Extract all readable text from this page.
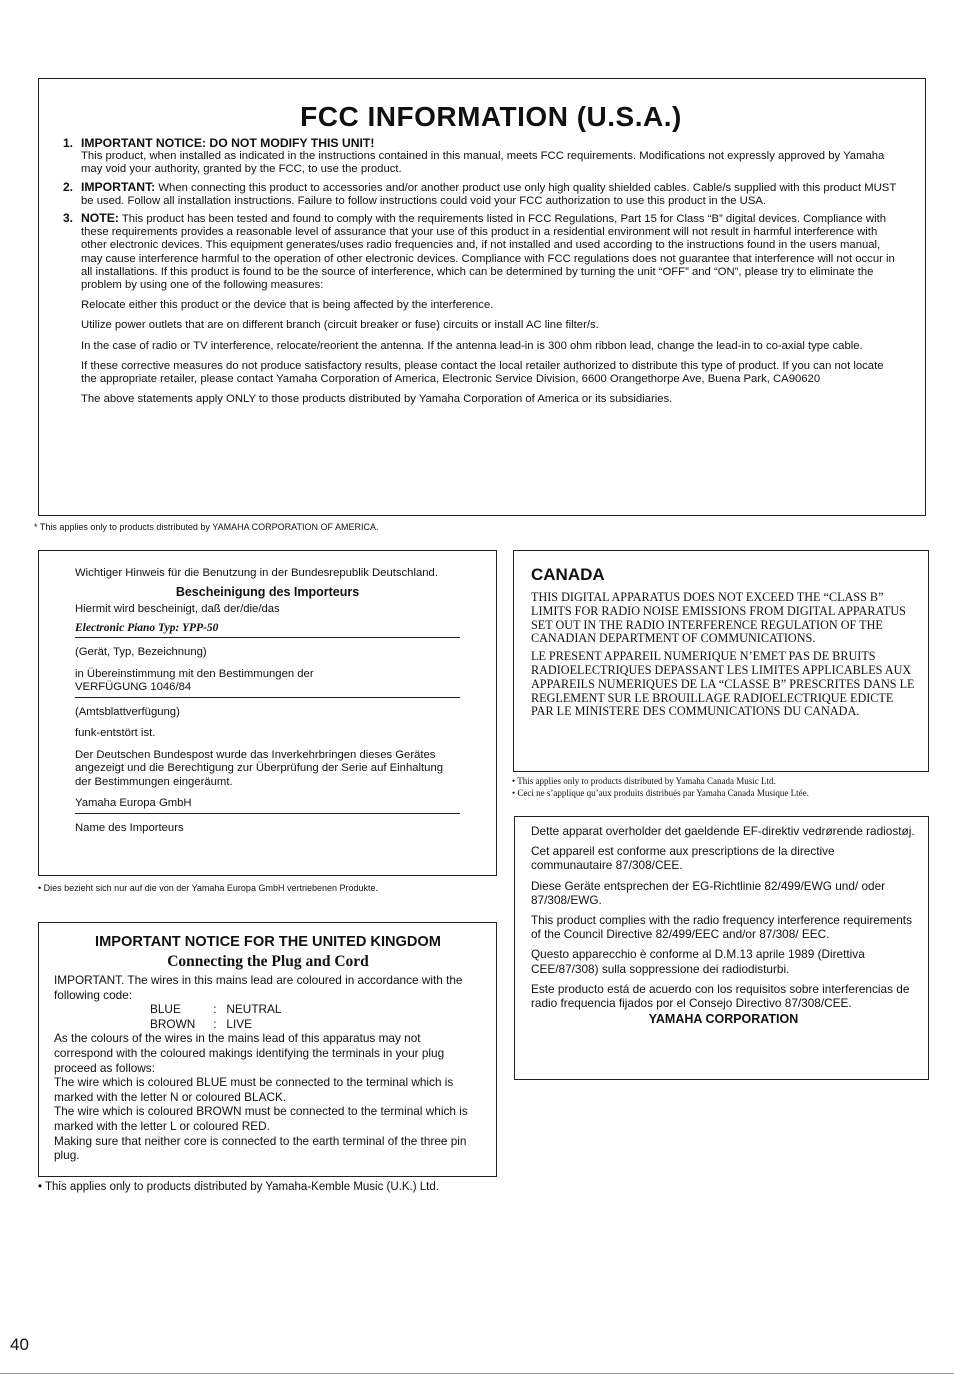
FCC INFORMATION (U.S.A.)
1. IMPORTANT NOTICE: DO NOT MODIFY THIS UNIT!

This product, when installed as indicated in the instructions contained in this manual, meets FCC requirements. Modifications not expressly approved by Yamaha may void your authority, granted by the FCC, to use the product.

2. IMPORTANT: When connecting this product to accessories and/or another product use only high quality shielded cables. Cable/s supplied with this product MUST be used. Follow all installation instructions. Failure to follow instructions could void your FCC authorization to use this product in the USA.

3. NOTE: This product has been tested and found to comply with the requirements listed in FCC Regulations, Part 15 for Class “B” digital devices. Compliance with these requirements provides a reasonable level of assurance that your use of this product in a residential environment will not result in harmful interference with other electronic devices. This equipment generates/uses radio frequencies and, if not installed and used according to the instructions found in the users manual, may cause interference harmful to the operation of other electronic devices. Compliance with FCC regulations does not guarantee that interference will not occur in all installations. If this product is found to be the source of interference, which can be determined by turning the unit “OFF” and “ON”, please try to eliminate the problem by using one of the following measures:

Relocate either this product or the device that is being affected by the interference.

Utilize power outlets that are on different branch (circuit breaker or fuse) circuits or install AC line filter/s.

In the case of radio or TV interference, relocate/reorient the antenna. If the antenna lead-in is 300 ohm ribbon lead, change the lead-in to co-axial type cable.

If these corrective measures do not produce satisfactory results, please contact the local retailer authorized to distribute this type of product. If you can not locate the appropriate retailer, please contact Yamaha Corporation of America, Electronic Service Division, 6600 Orangethorpe Ave, Buena Park, CA90620

The above statements apply ONLY to those products distributed by Yamaha Corporation of America or its subsidiaries.

* This applies only to products distributed by YAMAHA CORPORATION OF AMERICA.

Wichtiger Hinweis für die Benutzung in der Bundesrepublik Deutschland.

Bescheinigung des Importeurs

Hiermit wird bescheinigt, daß der/die/das

Electronic Piano Typ: YPP-50

(Gerät, Typ, Bezeichnung)

in Übereinstimmung mit den Bestimmungen der

VERFÜGUNG 1046/84

(Amtsblattverfügung)

funk-entstört ist.

Der Deutschen Bundespost wurde das Inverkehrbringen dieses Gerätes angezeigt und die Berechtigung zur Überprüfung der Serie auf Einhaltung der Bestimmungen eingeräumt.

Yamaha Europa GmbH

Name des Importeurs

• Dies bezieht sich nur auf die von der Yamaha Europa GmbH vertriebenen Produkte.
IMPORTANT NOTICE FOR THE UNITED KINGDOM
Connecting the Plug and Cord

IMPORTANT. The wires in this mains lead are coloured in accordance with the following code:

BLUE	: NEUTRAL
BROWN : LIVE

As the colours of the wires in the mains lead of this apparatus may not correspond with the coloured makings identifying the terminals in your plug proceed as follows:

The wire which is coloured BLUE must be connected to the terminal which is marked with the letter N or coloured BLACK.

The wire which is coloured BROWN must be connected to the terminal which is marked with the letter L or coloured RED.

Making sure that neither core is connected to the earth terminal of the three pin plug.

• This applies only to products distributed by Yamaha-Kemble Music (U.K.) Ltd.
CANADA

THIS DIGITAL APPARATUS DOES NOT EXCEED THE “CLASS B” LIMITS FOR RADIO NOISE EMISSIONS FROM DIGITAL APPARATUS SET OUT IN THE RADIO INTERFERENCE REGULATION OF THE CANADIAN DEPARTMENT OF COMMUNICATIONS.

LE PRESENT APPAREIL NUMERIQUE N’EMET PAS DE BRUITS RADIOELECTRIQUES DEPASSANT LES LIMITES APPLICABLES AUX APPAREILS NUMERIQUES DE LA “CLASSE B” PRESCRITES DANS LE REGLEMENT SUR LE BROUILLAGE RADIOELECTRIQUE EDICTE PAR LE MINISTERE DES COMMUNICATIONS DU CANADA.

• This applies only to products distributed by Yamaha Canada Music Ltd.
• Ceci ne s’applique qu’aux produits distribués par Yamaha Canada Musique Ltée.

Dette apparat overholder det gaeldende EF-direktiv vedrørende radiostøj.

Cet appareil est conforme aux prescriptions de la directive communautaire 87/308/CEE.

Diese Geräte entsprechen der EG-Richtlinie 82/499/EWG und/ oder 87/308/EWG.

This product complies with the radio frequency interference requirements of the Council Directive 82/499/EEC and/or 87/308/ EEC.

Questo apparecchio è conforme al D.M.13 aprile 1989 (Direttiva CEE/87/308) sulla soppressione dei radiodisturbi.

Este producto está de acuerdo con los requisitos sobre interferencias de radio frequencia fijados por el Consejo Directivo 87/308/CEE.

YAMAHA CORPORATION

40
